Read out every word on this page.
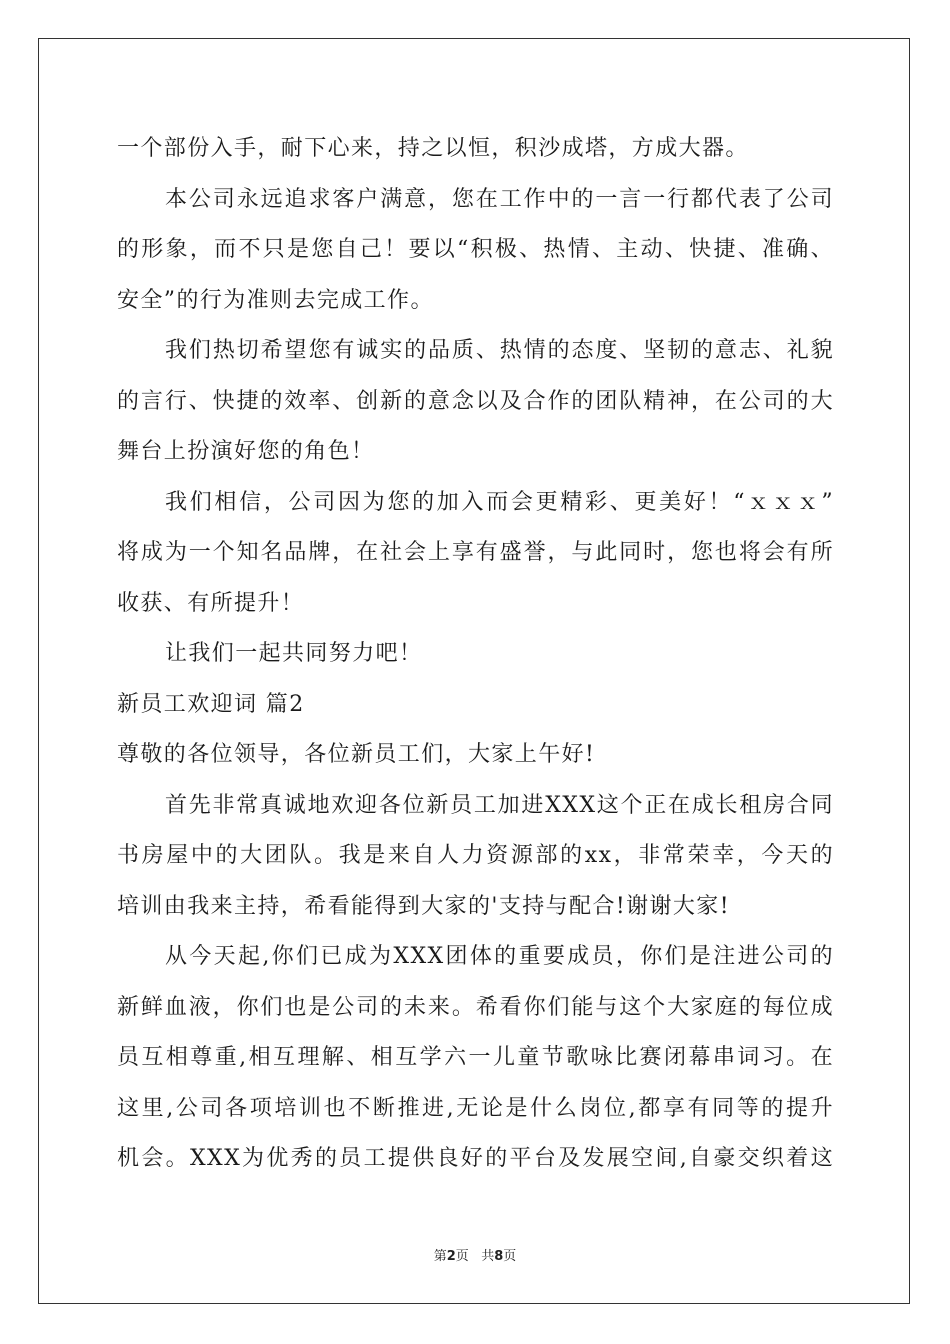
一个部份入手，耐下心来，持之以恒，积沙成塔，方成大器。
本公司永远追求客户满意，您在工作中的一言一行都代表了公司
的形象，而不只是您自己！要以“积极、热情、主动、快捷、准确、
安全”的行为准则去完成工作。
我们热切希望您有诚实的品质、热情的态度、坚韧的意志、礼貌
的言行、快捷的效率、创新的意念以及合作的团队精神，在公司的大
舞台上扮演好您的角色！
我们相信，公司因为您的加入而会更精彩、更美好！“ｘｘｘ”
将成为一个知名品牌，在社会上享有盛誉，与此同时，您也将会有所
收获、有所提升！
让我们一起共同努力吧！
新员工欢迎词 篇2
尊敬的各位领导，各位新员工们，大家上午好!
首先非常真诚地欢迎各位新员工加进XXX这个正在成长租房合同
书房屋中的大团队。我是来自人力资源部的xx，非常荣幸，今天的
培训由我来主持，希看能得到大家的'支持与配合!谢谢大家!
从今天起,你们已成为XXX团体的重要成员，你们是注进公司的
新鲜血液，你们也是公司的未来。希看你们能与这个大家庭的每位成
员互相尊重,相互理解、相互学六一儿童节歌咏比赛闭幕串词习。在
这里,公司各项培训也不断推进,无论是什么岗位,都享有同等的提升
机会。XXX为优秀的员工提供良好的平台及发展空间,自豪交织着这
第2页 共8页
